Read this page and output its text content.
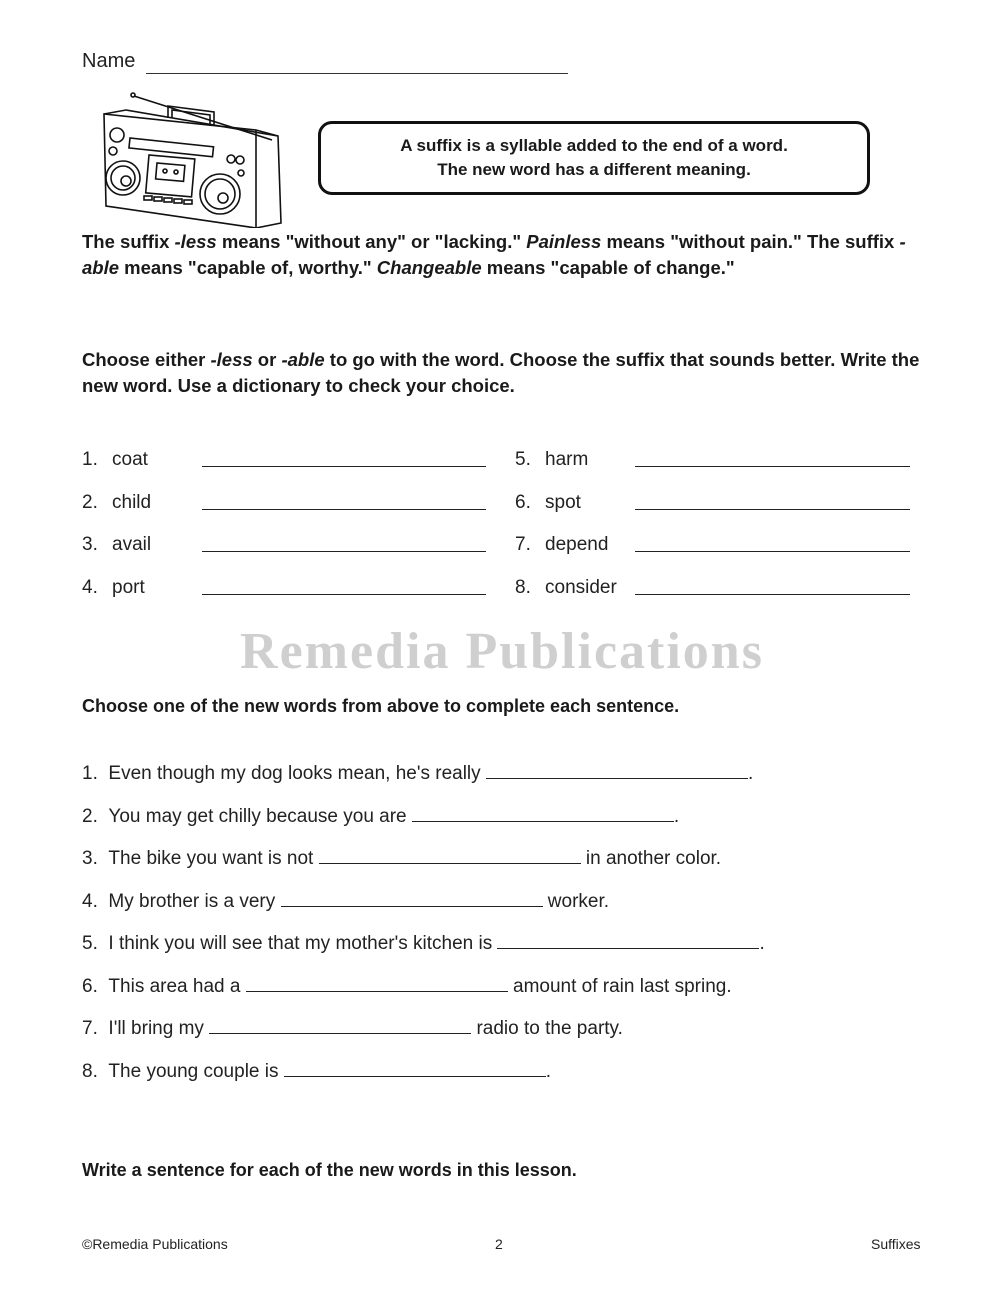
Remedia Publications
Name
A suffix is a syllable added to the end of a word.
The new word has a different meaning.
The suffix -less means "without any" or "lacking." Painless means "without pain." The suffix -able means "capable of, worthy." Changeable means "capable of change."
Choose either -less or -able to go with the word. Choose the suffix that sounds better. Write the new word. Use a dictionary to check your choice.
1. coat
2. child
3. avail
4. port
5. harm
6. spot
7. depend
8. consider
Choose one of the new words from above to complete each sentence.
1. Even though my dog looks mean, he's really	.
2. You may get chilly because you are	.
3. The bike you want is not	in another color.
4. My brother is a very	worker.
5. I think you will see that my mother's kitchen is	.
6. This area had a	amount of rain last spring.
7. I'll bring my	radio to the party.
8. The young couple is	.
Write a sentence for each of the new words in this lesson.
©Remedia Publications	2	Suffixes
